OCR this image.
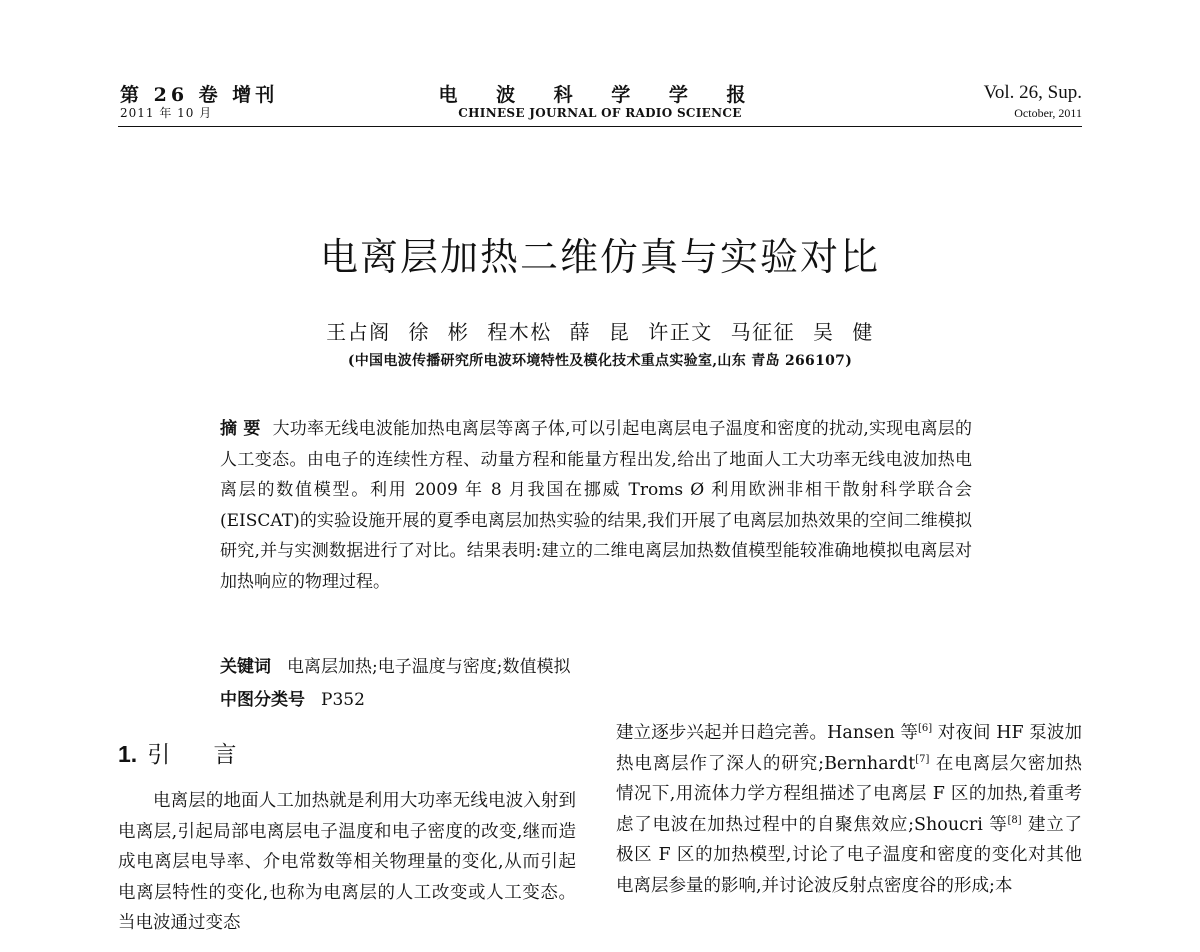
第 26 卷 增刊
2011 年 10 月
电 波 科 学 学 报
CHINESE JOURNAL OF RADIO SCIENCE
Vol. 26, Sup.
October, 2011
电离层加热二维仿真与实验对比
王占阁 徐 彬 程木松 薛 昆 许正文 马征征 吴 健
(中国电波传播研究所电波环境特性及模化技术重点实验室,山东 青岛 266107)

摘 要 大功率无线电波能加热电离层等离子体,可以引起电离层电子温度和密度的扰动,实现电离层的人工变态。由电子的连续性方程、动量方程和能量方程出发,给出了地面人工大功率无线电波加热电离层的数值模型。利用 2009 年 8 月我国在挪威 Troms Ø 利用欧洲非相干散射科学联合会(EISCAT)的实验设施开展的夏季电离层加热实验的结果,我们开展了电离层加热效果的空间二维模拟研究,并与实测数据进行了对比。结果表明:建立的二维电离层加热数值模型能较准确地模拟电离层对加热响应的物理过程。

关键词 电离层加热;电子温度与密度;数值模拟
中图分类号 P352
1. 引 言

电离层的地面人工加热就是利用大功率无线电波入射到电离层,引起局部电离层电子温度和电子密度的改变,继而造成电离层电导率、介电常数等相关物理量的变化,从而引起电离层特性的变化,也称为电离层的人工改变或人工变态。当电波通过变态

建立逐步兴起并日趋完善。Hansen 等[6] 对夜间 HF 泵波加热电离层作了深人的研究;Bernhardt[7] 在电离层欠密加热情况下,用流体力学方程组描述了电离层 F 区的加热,着重考虑了电波在加热过程中的自聚焦效应;Shoucri 等[8] 建立了极区 F 区的加热模型,讨论了电子温度和密度的变化对其他电离层参量的影响,并讨论波反射点密度谷的形成;本
